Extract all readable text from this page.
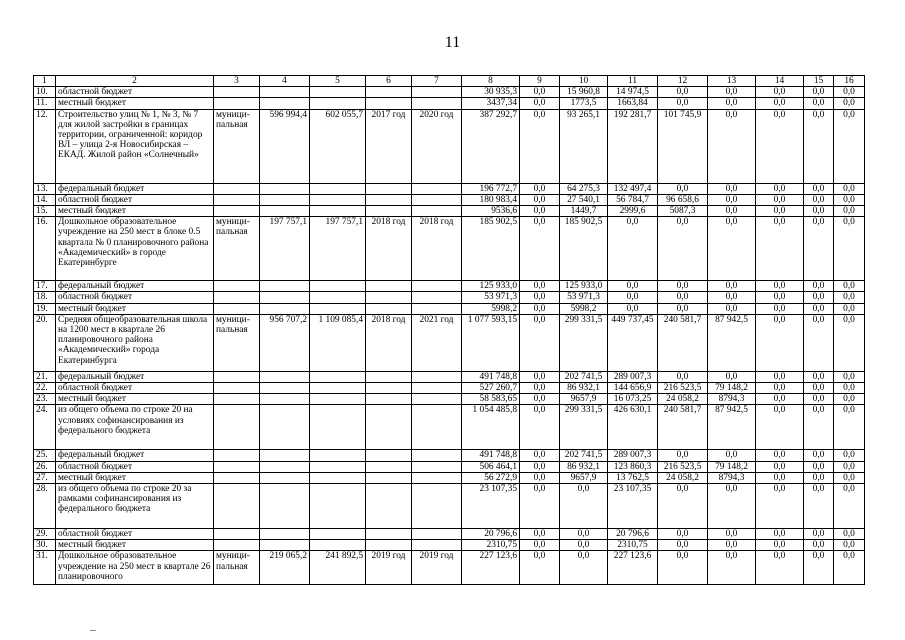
11
1	2	3	4	5	6	7	8	9	10	11	12	13	14	15	16
10.	областной бюджет						30 935,3	0,0	15 960,8	14 974,5	0,0	0,0	0,0	0,0	0,0
11.	местный бюджет						3437,34	0,0	1773,5	1663,84	0,0	0,0	0,0	0,0	0,0
12.	Строительство улиц № 1, № 3, № 7 для жилой застройки в границах территории, ограниченной: коридор ВЛ – улица 2-я Новосибирская – ЕКАД. Жилой район «Солнечный»	муници-пальная	596 994,4	602 055,7	2017 год	2020 год	387 292,7	0,0	93 265,1	192 281,7	101 745,9	0,0	0,0	0,0	0,0
13.	федеральный бюджет						196 772,7	0,0	64 275,3	132 497,4	0,0	0,0	0,0	0,0	0,0
14.	областной бюджет						180 983,4	0,0	27 540,1	56 784,7	96 658,6	0,0	0,0	0,0	0,0
15.	местный бюджет						9536,6	0,0	1449,7	2999,6	5087,3	0,0	0,0	0,0	0,0
16.	Дошкольное образовательное учреждение на 250 мест в блоке 0.5 квартала № 0 планировочного района «Академический» в городе Екатеринбурге	муници-пальная	197 757,1	197 757,1	2018 год	2018 год	185 902,5	0,0	185 902,5	0,0	0,0	0,0	0,0	0,0	0,0
17.	федеральный бюджет						125 933,0	0,0	125 933,0	0,0	0,0	0,0	0,0	0,0	0,0
18.	областной бюджет						53 971,3	0,0	53 971,3	0,0	0,0	0,0	0,0	0,0	0,0
19.	местный бюджет						5998,2	0,0	5998,2	0,0	0,0	0,0	0,0	0,0	0,0
20.	Средняя общеобразовательная школа на 1200 мест в квартале 26 планировочного района «Академический» города Екатеринбурга	муници-пальная	956 707,2	1 109 085,4	2018 год	2021 год	1 077 593,15	0,0	299 331,5	449 737,45	240 581,7	87 942,5	0,0	0,0	0,0
21.	федеральный бюджет						491 748,8	0,0	202 741,5	289 007,3	0,0	0,0	0,0	0,0	0,0
22.	областной бюджет						527 260,7	0,0	86 932,1	144 656,9	216 523,5	79 148,2	0,0	0,0	0,0
23.	местный бюджет						58 583,65	0,0	9657,9	16 073,25	24 058,2	8794,3	0,0	0,0	0,0
24.	из общего объема по строке 20 на условиях софинансирования из федерального бюджета						1 054 485,8	0,0	299 331,5	426 630,1	240 581,7	87 942,5	0,0	0,0	0,0
25.	федеральный бюджет						491 748,8	0,0	202 741,5	289 007,3	0,0	0,0	0,0	0,0	0,0
26.	областной бюджет						506 464,1	0,0	86 932,1	123 860,3	216 523,5	79 148,2	0,0	0,0	0,0
27.	местный бюджет						56 272,9	0,0	9657,9	13 762,5	24 058,2	8794,3	0,0	0,0	0,0
28.	из общего объема по строке 20 за рамками софинансирования из федерального бюджета						23 107,35	0,0	0,0	23 107,35	0,0	0,0	0,0	0,0	0,0
29.	областной бюджет						20 796,6	0,0	0,0	20 796,6	0,0	0,0	0,0	0,0	0,0
30.	местный бюджет						2310,75	0,0	0,0	2310,75	0,0	0,0	0,0	0,0	0,0
31.	Дошкольное образовательное учреждение на 250 мест в квартале 26 планировочного	муници-пальная	219 065,2	241 892,5	2019 год	2019 год	227 123,6	0,0	0,0	227 123,6	0,0	0,0	0,0	0,0	0,0
